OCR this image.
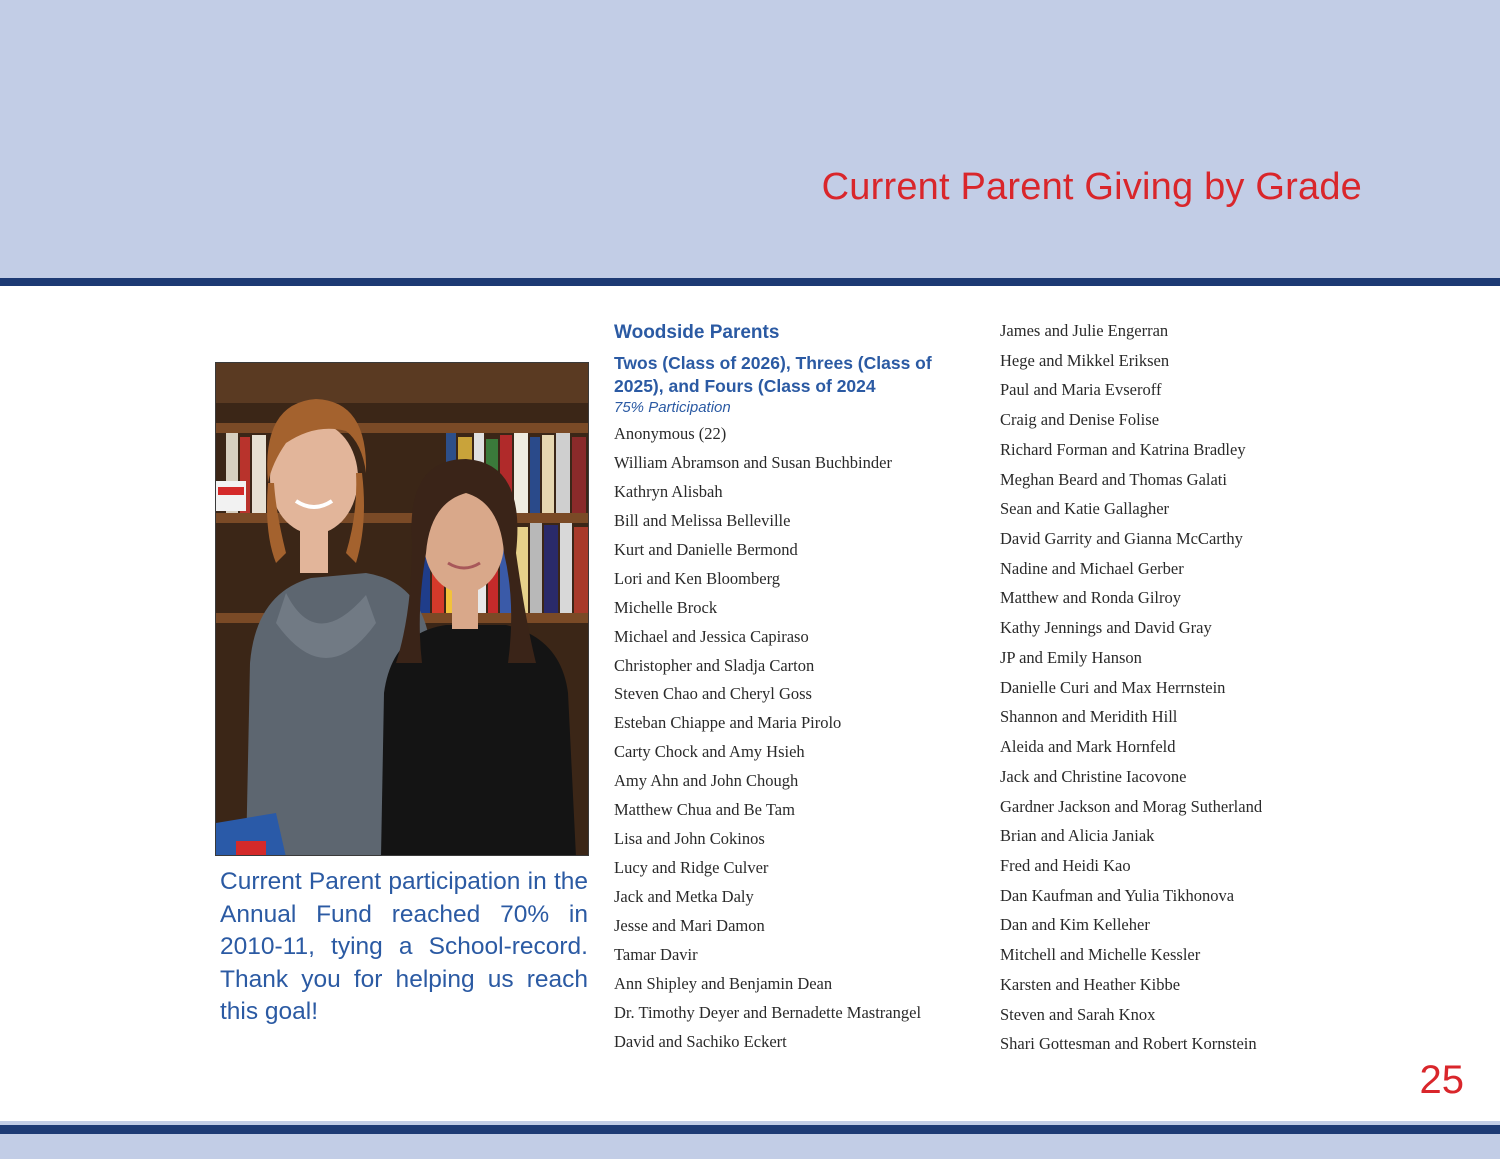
Current Parent Giving by Grade

Current Parent participation in the Annual Fund reached 70% in 2010-11, tying a School-record. Thank you for helping us reach this goal!

Woodside Parents
Twos (Class of 2026), Threes (Class of 2025), and Fours (Class of 2024

75% Participation

Anonymous (22)
William Abramson and Susan Buchbinder
Kathryn Alisbah
Bill and Melissa Belleville
Kurt and Danielle Bermond
Lori and Ken Bloomberg
Michelle Brock
Michael and Jessica Capiraso
Christopher and Sladja Carton
Steven Chao and Cheryl Goss
Esteban Chiappe and Maria Pirolo
Carty Chock and Amy Hsieh
Amy Ahn and John Chough
Matthew Chua and Be Tam
Lisa and John Cokinos
Lucy and Ridge Culver
Jack and Metka Daly
Jesse and Mari Damon
Tamar Davir
Ann Shipley and Benjamin Dean
Dr. Timothy Deyer and Bernadette Mastrangel
David and Sachiko Eckert
James and Julie Engerran
Hege and Mikkel Eriksen
Paul and Maria Evseroff
Craig and Denise Folise
Richard Forman and Katrina Bradley
Meghan Beard and Thomas Galati
Sean and Katie Gallagher
David Garrity and Gianna McCarthy
Nadine and Michael Gerber
Matthew and Ronda Gilroy
Kathy Jennings and David Gray
JP and Emily Hanson
Danielle Curi and Max Herrnstein
Shannon and Meridith Hill
Aleida and Mark Hornfeld
Jack and Christine Iacovone
Gardner Jackson and Morag Sutherland
Brian and Alicia Janiak
Fred and Heidi Kao
Dan Kaufman and Yulia Tikhonova
Dan and Kim Kelleher
Mitchell and Michelle Kessler
Karsten and Heather Kibbe
Steven and Sarah Knox
Shari Gottesman and Robert Kornstein
25
